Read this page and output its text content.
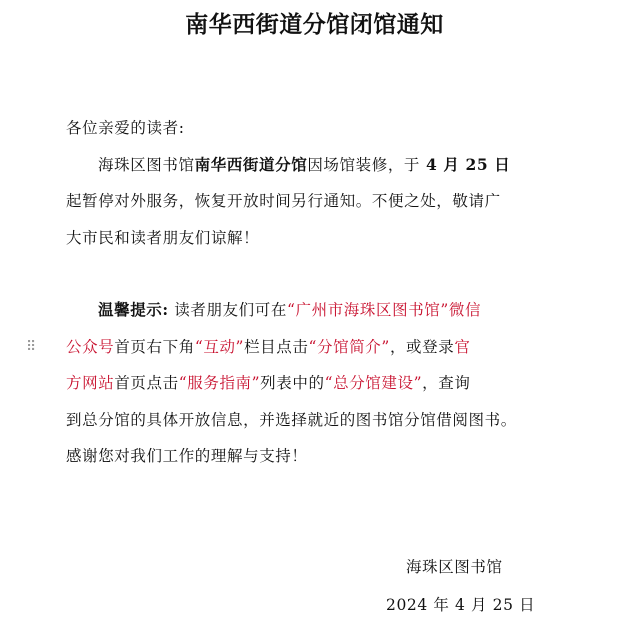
南华西街道分馆闭馆通知
各位亲爱的读者:
海珠区图书馆南华西街道分馆因场馆装修，于 4 月 25 日
起暂停对外服务，恢复开放时间另行通知。不便之处，敬请广
大市民和读者朋友们谅解！
⠿
温馨提示: 读者朋友们可在“广州市海珠区图书馆”微信
公众号首页右下角“互动”栏目点击“分馆简介”，或登录官
方网站首页点击“服务指南”列表中的“总分馆建设”，查询
到总分馆的具体开放信息，并选择就近的图书馆分馆借阅图书。
感谢您对我们工作的理解与支持！
海珠区图书馆
2024 年 4 月 25 日
